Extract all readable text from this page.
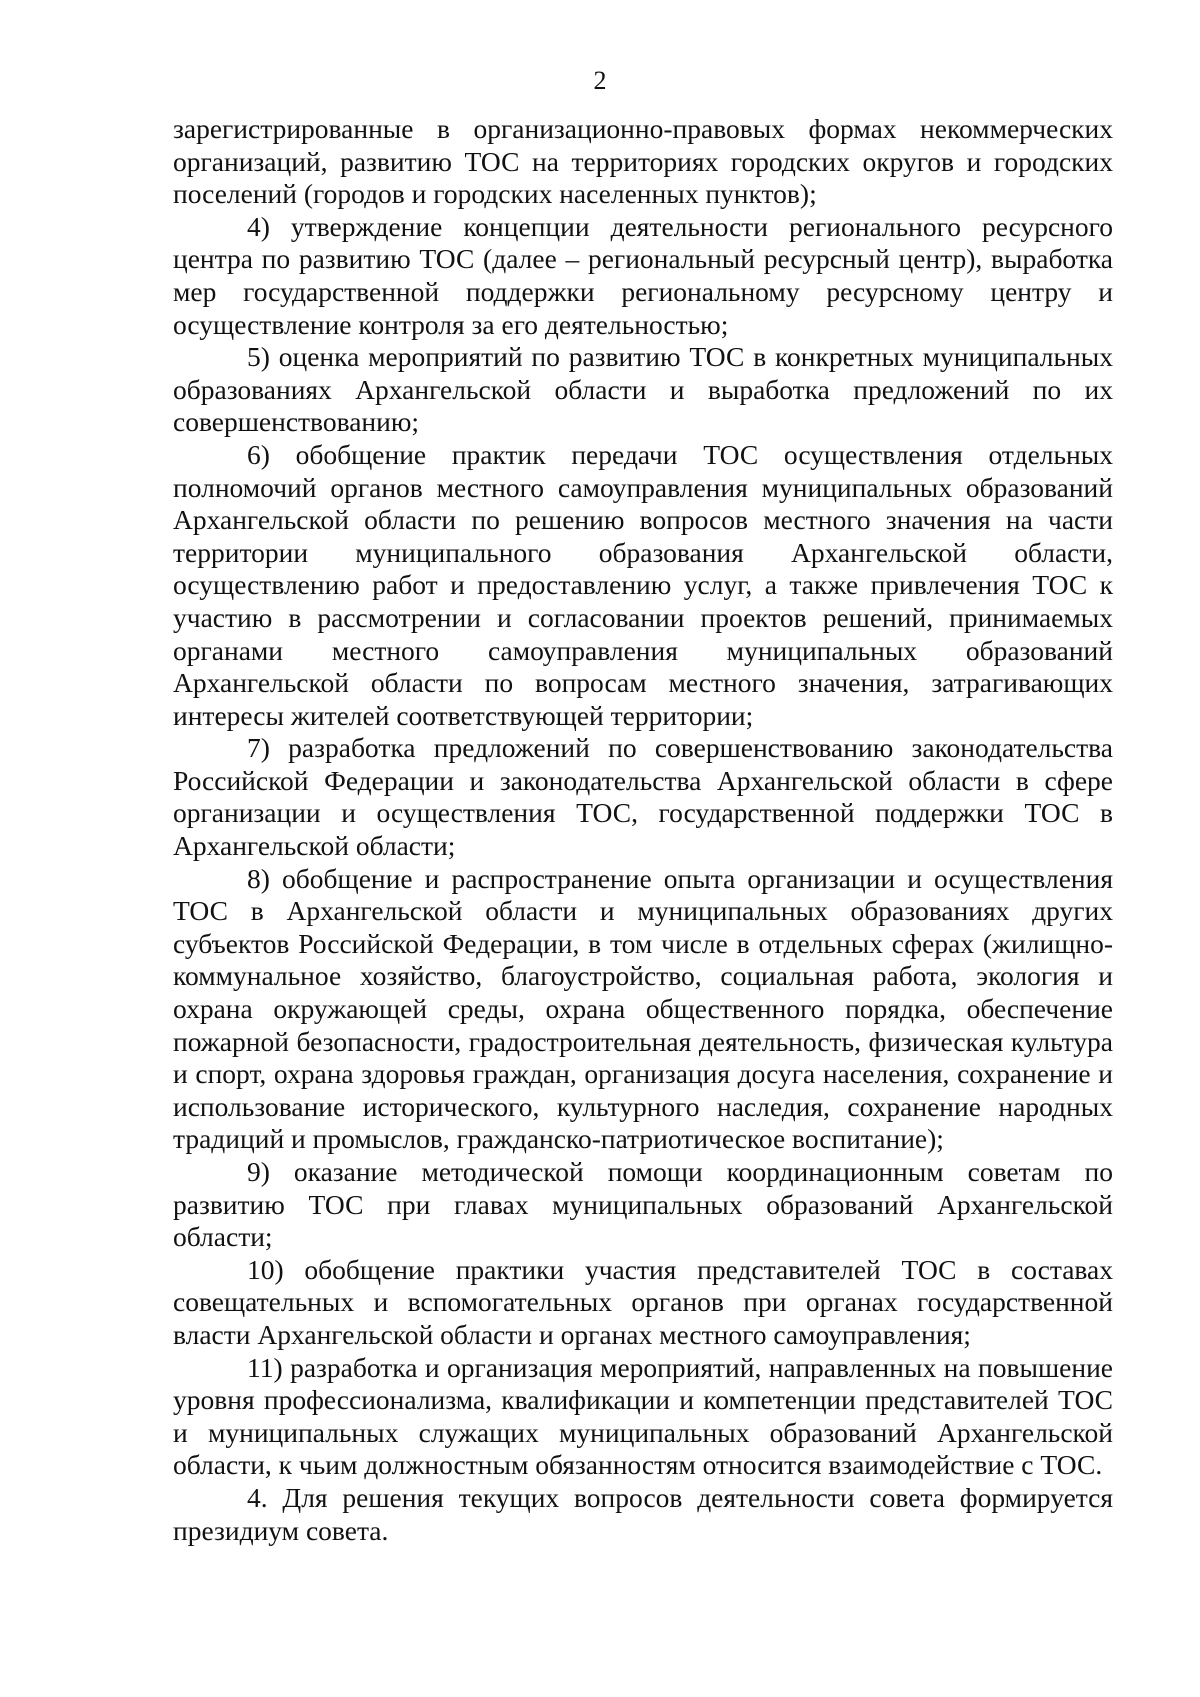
2

зарегистрированные в организационно-правовых формах некоммерческих организаций, развитию ТОС на территориях городских округов и городских поселений (городов и городских населенных пунктов);

4) утверждение концепции деятельности регионального ресурсного центра по развитию ТОС (далее – региональный ресурсный центр), выработка мер государственной поддержки региональному ресурсному центру и осуществление контроля за его деятельностью;

5) оценка мероприятий по развитию ТОС в конкретных муниципальных образованиях Архангельской области и выработка предложений по их совершенствованию;

6) обобщение практик передачи ТОС осуществления отдельных полномочий органов местного самоуправления муниципальных образований Архангельской области по решению вопросов местного значения на части территории муниципального образования Архангельской области, осуществлению работ и предоставлению услуг, а также привлечения ТОС к участию в рассмотрении и согласовании проектов решений, принимаемых органами местного самоуправления муниципальных образований Архангельской области по вопросам местного значения, затрагивающих интересы жителей соответствующей территории;

7) разработка предложений по совершенствованию законодательства Российской Федерации и законодательства Архангельской области в сфере организации и осуществления ТОС, государственной поддержки ТОС в Архангельской области;

8) обобщение и распространение опыта организации и осуществления ТОС в Архангельской области и муниципальных образованиях других субъектов Российской Федерации, в том числе в отдельных сферах (жилищно-коммунальное хозяйство, благоустройство, социальная работа, экология и охрана окружающей среды, охрана общественного порядка, обеспечение пожарной безопасности, градостроительная деятельность, физическая культура и спорт, охрана здоровья граждан, организация досуга населения, сохранение и использование исторического, культурного наследия, сохранение народных традиций и промыслов, гражданско-патриотическое воспитание);

9) оказание методической помощи координационным советам по развитию ТОС при главах муниципальных образований Архангельской области;

10) обобщение практики участия представителей ТОС в составах совещательных и вспомогательных органов при органах государственной власти Архангельской области и органах местного самоуправления;

11) разработка и организация мероприятий, направленных на повышение уровня профессионализма, квалификации и компетенции представителей ТОС и муниципальных служащих муниципальных образований Архангельской области, к чьим должностным обязанностям относится взаимодействие с ТОС.

4. Для решения текущих вопросов деятельности совета формируется президиум совета.
